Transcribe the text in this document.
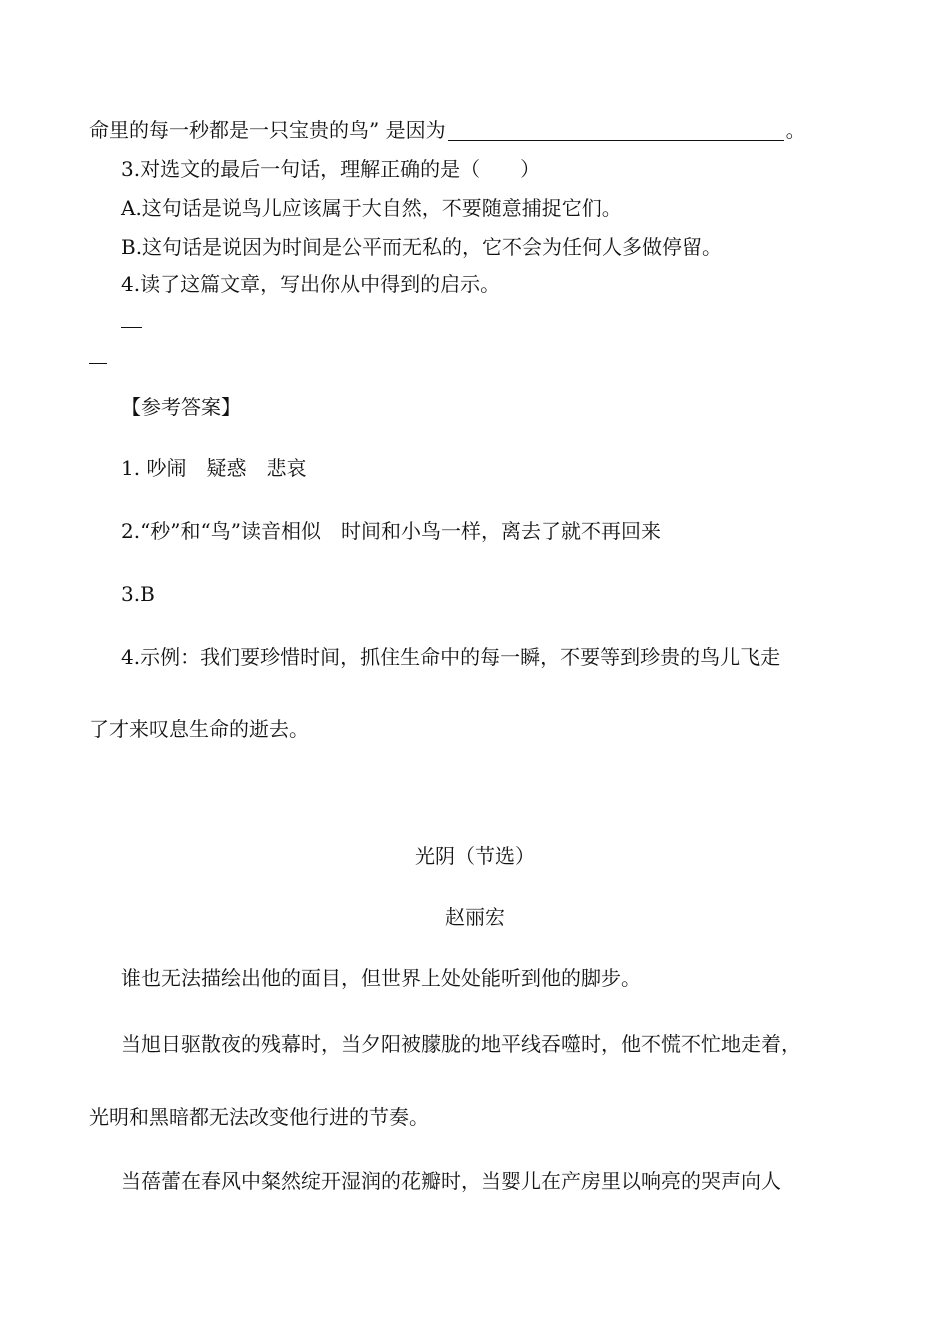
命里的每一秒都是一只宝贵的鸟” 是因为	。
3.对选文的最后一句话，理解正确的是（　　）
A.这句话是说鸟儿应该属于大自然，不要随意捕捉它们。
B.这句话是说因为时间是公平而无私的，它不会为任何人多做停留。
4.读了这篇文章，写出你从中得到的启示。
【参考答案】
1. 吵闹　疑惑　悲哀
2.“秒”和“鸟”读音相似　时间和小鸟一样，离去了就不再回来
3.B
4.示例：我们要珍惜时间，抓住生命中的每一瞬，不要等到珍贵的鸟儿飞走
了才来叹息生命的逝去。
光阴（节选）
赵丽宏
谁也无法描绘出他的面目，但世界上处处能听到他的脚步。
当旭日驱散夜的残幕时，当夕阳被朦胧的地平线吞噬时，他不慌不忙地走着，
光明和黑暗都无法改变他行进的节奏。
当蓓蕾在春风中粲然绽开湿润的花瓣时，当婴儿在产房里以响亮的哭声向人
